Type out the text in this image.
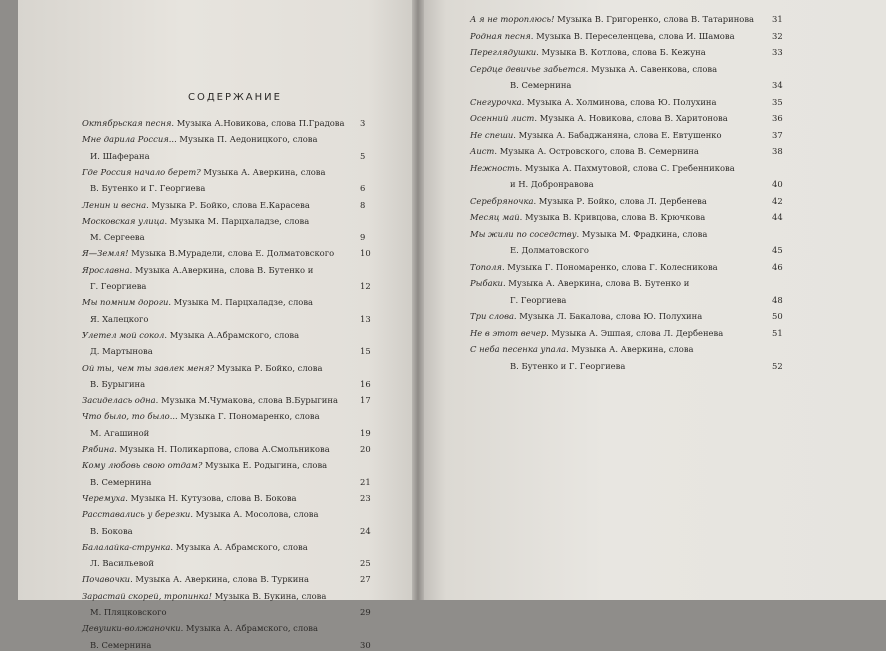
СОДЕРЖАНИЕ
Октябрьская песня. Музыка А.Новикова, слова П.Градова 3
Мне дарила Россия... Музыка П. Аедоницкого, слова
И. Шаферана	5
Где Россия начало берет? Музыка А. Аверкина, слова
В. Бутенко и Г. Георгиева	6
Ленин и весна. Музыка Р. Бойко, слова Е.Карасева	8
Московская улица. Музыка М. Парцхаладзе, слова
М. Сергеева	9
Я—Земля! Музыка В.Мурадели, слова Е. Долматовского	10
Ярославна. Музыка А.Аверкина, слова В. Бутенко и
Г. Георгиева	12
Мы помним дороги. Музыка М. Парцхаладзе, слова
Я. Халецкого	13
Улетел мой сокол. Музыка А.Абрамского, слова
Д. Мартынова	15
Ой ты, чем ты завлек меня? Музыка Р. Бойко, слова
В. Бурыгина	16
Засиделась одна. Музыка М.Чумакова, слова В.Бурыгина	17
Что было, то было... Музыка Г. Пономаренко, слова
М. Агашиной	19
Рябина. Музыка Н. Поликарпова, слова А.Смольникова	20
Кому любовь свою отдам? Музыка Е. Родыгина, слова
В. Семернина	21
Черемуха. Музыка Н. Кутузова, слова В. Бокова	23
Расставались у березки. Музыка А. Мосолова, слова
В. Бокова	24
Балалайка-струнка. Музыка А. Абрамского, слова
Л. Васильевой	25
Почавочки. Музыка А. Аверкина, слова В. Туркина	27
Зарастай скорей, тропинка! Музыка В. Букина, слова
М. Пляцковского	29
Девушки-волжаночки. Музыка А. Абрамского, слова
В. Семернина	30
А я не тороплюсь! Музыка В. Григоренко, слова В. Татаринова 31
Родная песня. Музыка В. Переселенцева, слова И. Шамова	32
Переглядушки. Музыка В. Котлова, слова Б. Кежуна	33
Сердце девичье забьется. Музыка А. Савенкова, слова
В. Семернина	34
Снегурочка. Музыка А. Холминова, слова Ю. Полухина	35
Осенний лист. Музыка А. Новикова, слова В. Харитонова	36
Не спеши. Музыка А. Бабаджаняна, слова Е. Евтушенко	37
Аист. Музыка А. Островского, слова В. Семернина	38
Нежность. Музыка А. Пахмутовой, слова С. Гребенникова
и Н. Добронравова	40
Серебряночка. Музыка Р. Бойко, слова Л. Дербенева	42
Месяц май. Музыка В. Кривцова, слова В. Крючкова	44
Мы жили по соседству. Музыка М. Фрадкина, слова
Е. Долматовского	45
Тополя. Музыка Г. Пономаренко, слова Г. Колесникова	46
Рыбаки. Музыка А. Аверкина, слова В. Бутенко и
Г. Георгиева	48
Три слова. Музыка Л. Бакалова, слова Ю. Полухина	50
Не в этот вечер. Музыка А. Эшпая, слова Л. Дербенева	51
С неба песенка упала. Музыка А. Аверкина, слова
В. Бутенко и Г. Георгиева	52
